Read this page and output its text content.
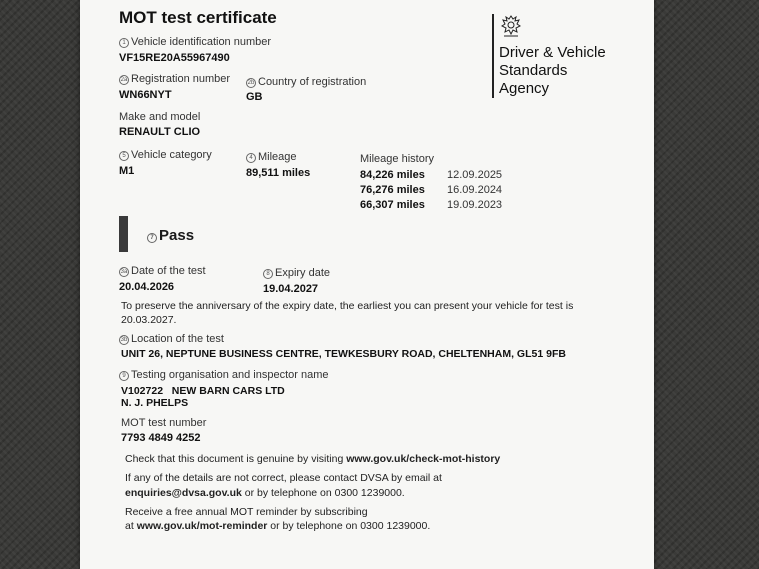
MOT test certificate
Driver & Vehicle
Standards
Agency
1 Vehicle identification number
VF15RE20A55967490
2a Registration number
WN66NYT
2b Country of registration
GB
Make and model
RENAULT CLIO
5 Vehicle category
M1
4 Mileage
89,511 miles
Mileage history
84,226 miles 12.09.2025
76,276 miles 16.09.2024
66,307 miles 19.09.2023
7 Pass
3a Date of the test
20.04.2026
8 Expiry date
19.04.2027
To preserve the anniversary of the expiry date, the earliest you can present your vehicle for test is
20.03.2027.
3b Location of the test
UNIT 26, NEPTUNE BUSINESS CENTRE, TEWKESBURY ROAD, CHELTENHAM, GL51 9FB
9 Testing organisation and inspector name
V102722   NEW BARN CARS LTD
N. J. PHELPS
MOT test number
7793 4849 4252
Check that this document is genuine by visiting www.gov.uk/check-mot-history
If any of the details are not correct, please contact DVSA by email at
enquiries@dvsa.gov.uk or by telephone on 0300 1239000.
Receive a free annual MOT reminder by subscribing
at www.gov.uk/mot-reminder or by telephone on 0300 1239000.
